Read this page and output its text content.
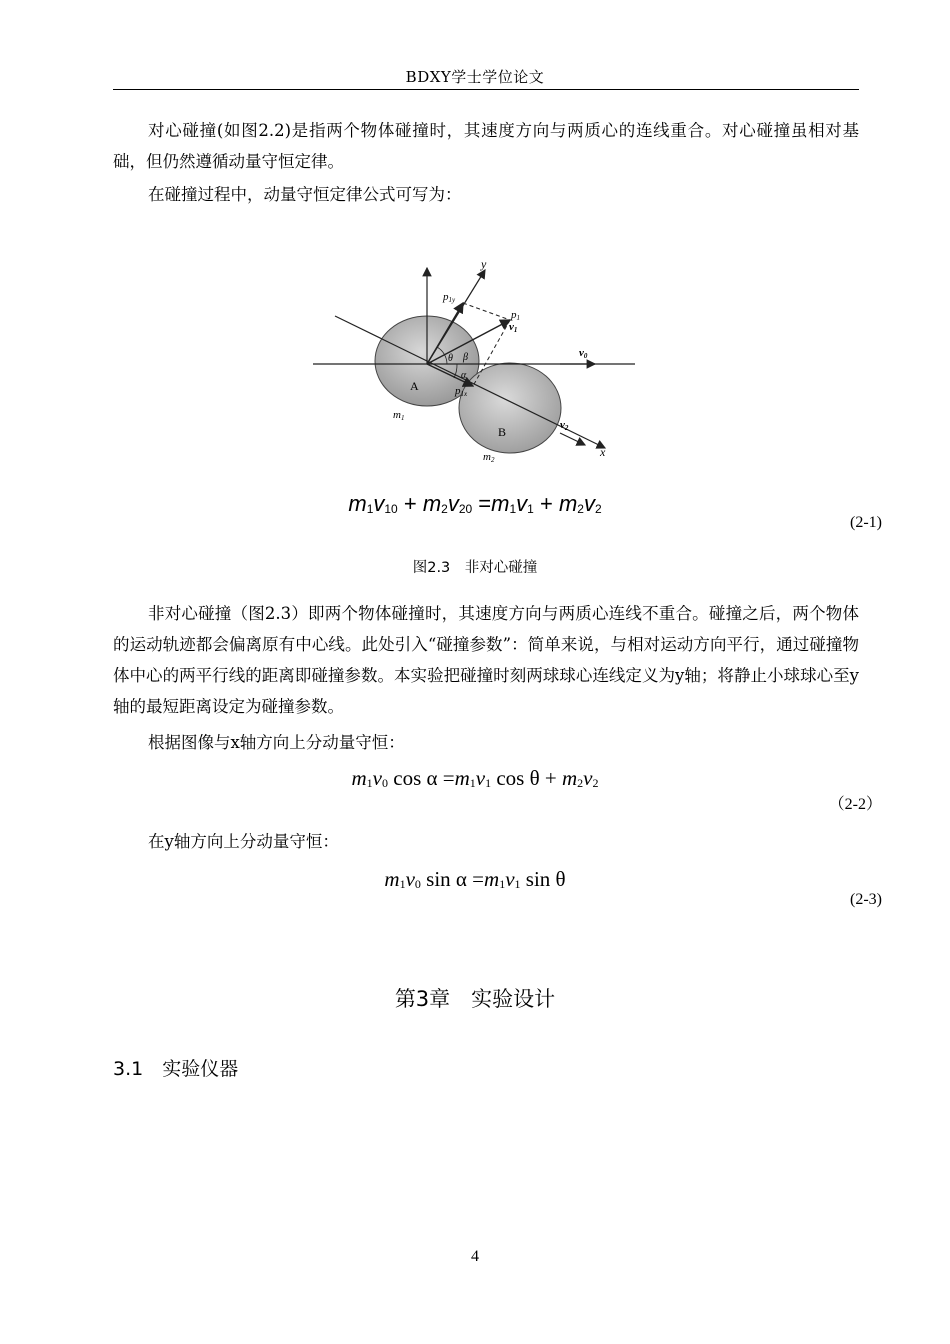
BDXY学士学位论文

对心碰撞(如图2.2)是指两个物体碰撞时，其速度方向与两质心的连线重合。对心碰撞虽相对基础，但仍然遵循动量守恒定律。

在碰撞过程中，动量守恒定律公式可写为：

y
p1y
p1
v1
v0
θ β
α
p1x
A
B	v2
x
m1
m2
$m_1v_{10} + m_2v_{20} =m_1v_1 + m_2v_2$
(2-1)
图2.3　非对心碰撞

非对心碰撞（图2.3）即两个物体碰撞时，其速度方向与两质心连线不重合。碰撞之后，两个物体的运动轨迹都会偏离原有中心线。此处引入“碰撞参数”：简单来说，与相对运动方向平行，通过碰撞物体中心的两平行线的距离即碰撞参数。本实验把碰撞时刻两球球心连线定义为y轴；将静止小球球心至y轴的最短距离设定为碰撞参数。

根据图像与x轴方向上分动量守恒：

$m_1v_0$ $\cos \alpha =m_1v_1$ $\cos \theta + m_2v_2$
（2-2）

在y轴方向上分动量守恒：

$m_1v_0$ $\sin \alpha =m_1v_1$ sin θ
(2-3)
第3章　实验设计
3.1　实验仪器
4
